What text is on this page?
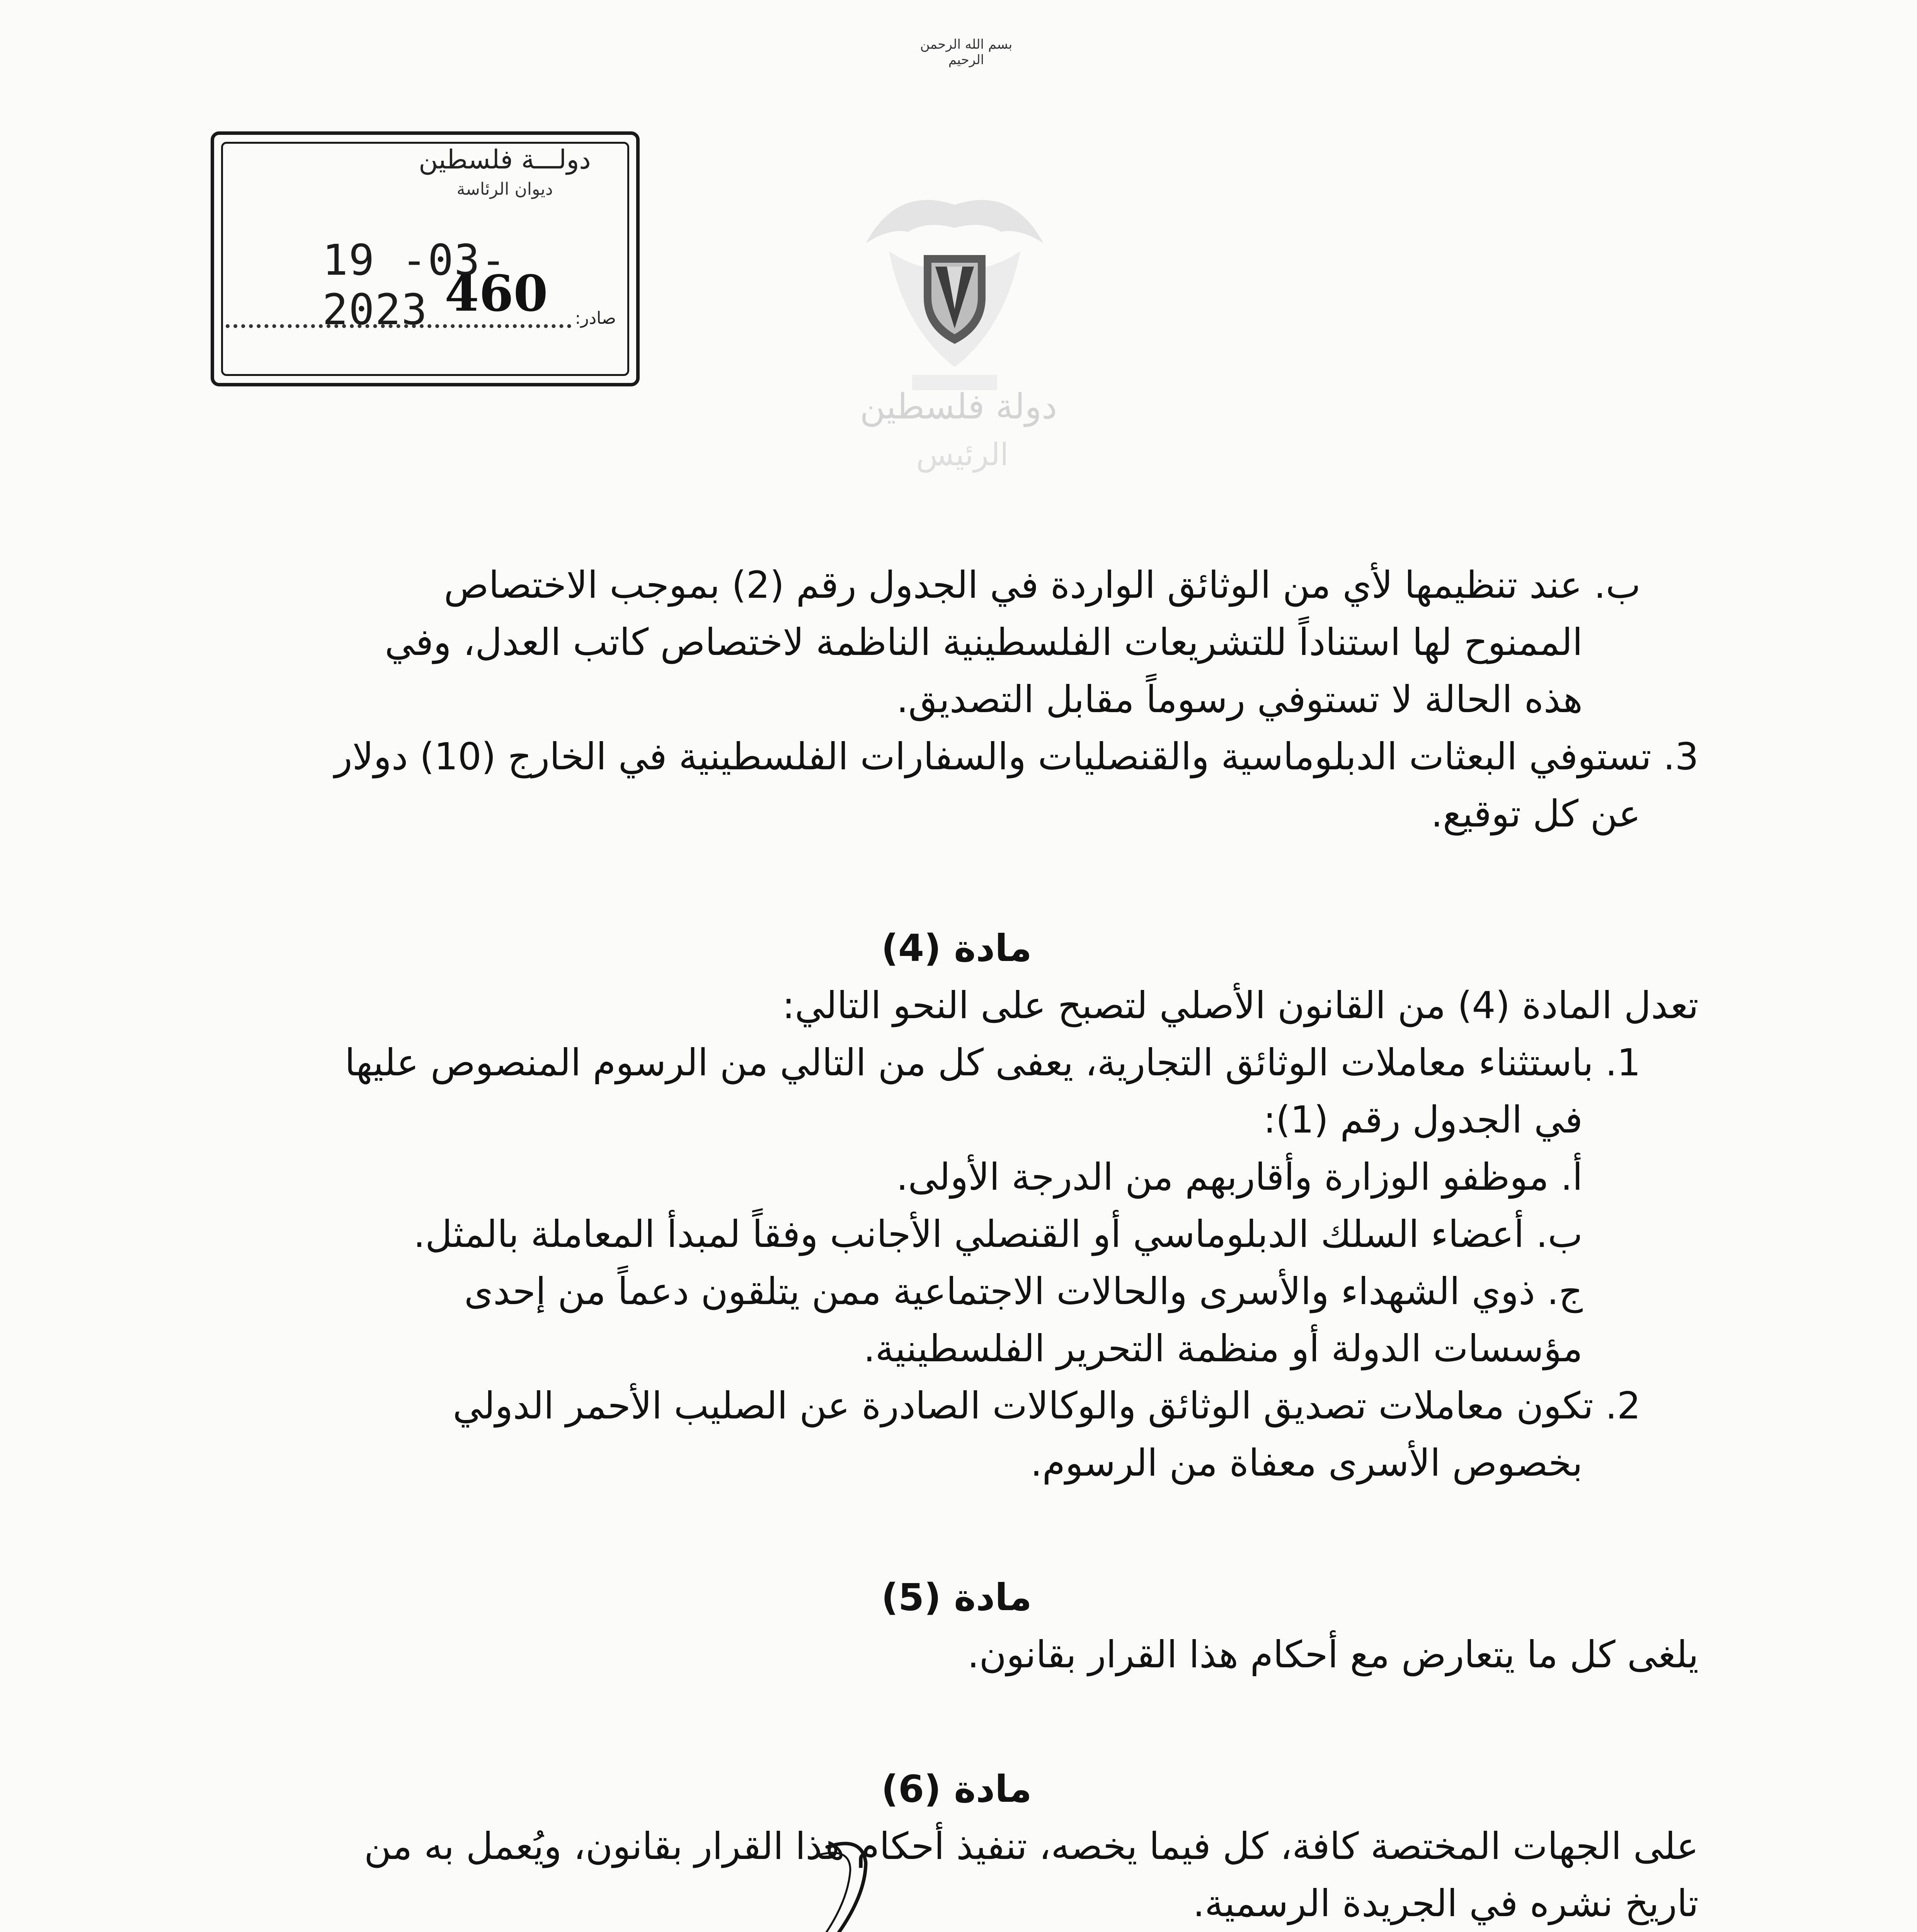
بسم الله الرحمن الرحيم
دولة فلسطين
الرئيس
دولـــة فلسطين
ديوان الرئاسة
19 -03- 2023	صادر:
460
ب. عند تنظيمها لأي من الوثائق الواردة في الجدول رقم (2) بموجب الاختصاص
الممنوح لها استناداً للتشريعات الفلسطينية الناظمة لاختصاص كاتب العدل، وفي
هذه الحالة لا تستوفي رسوماً مقابل التصديق.
3. تستوفي البعثات الدبلوماسية والقنصليات والسفارات الفلسطينية في الخارج (10) دولار
عن كل توقيع.
مادة (4)
تعدل المادة (4) من القانون الأصلي لتصبح على النحو التالي:
1. باستثناء معاملات الوثائق التجارية، يعفى كل من التالي من الرسوم المنصوص عليها
في الجدول رقم (1):
أ. موظفو الوزارة وأقاربهم من الدرجة الأولى.
ب. أعضاء السلك الدبلوماسي أو القنصلي الأجانب وفقاً لمبدأ المعاملة بالمثل.
ج. ذوي الشهداء والأسرى والحالات الاجتماعية ممن يتلقون دعماً من إحدى
مؤسسات الدولة أو منظمة التحرير الفلسطينية.
2. تكون معاملات تصديق الوثائق والوكالات الصادرة عن الصليب الأحمر الدولي
بخصوص الأسرى معفاة من الرسوم.
مادة (5)
يلغى كل ما يتعارض مع أحكام هذا القرار بقانون.
مادة (6)
على الجهات المختصة كافة، كل فيما يخصه، تنفيذ أحكام هذا القرار بقانون، ويُعمل به من
تاريخ نشره في الجريدة الرسمية.
